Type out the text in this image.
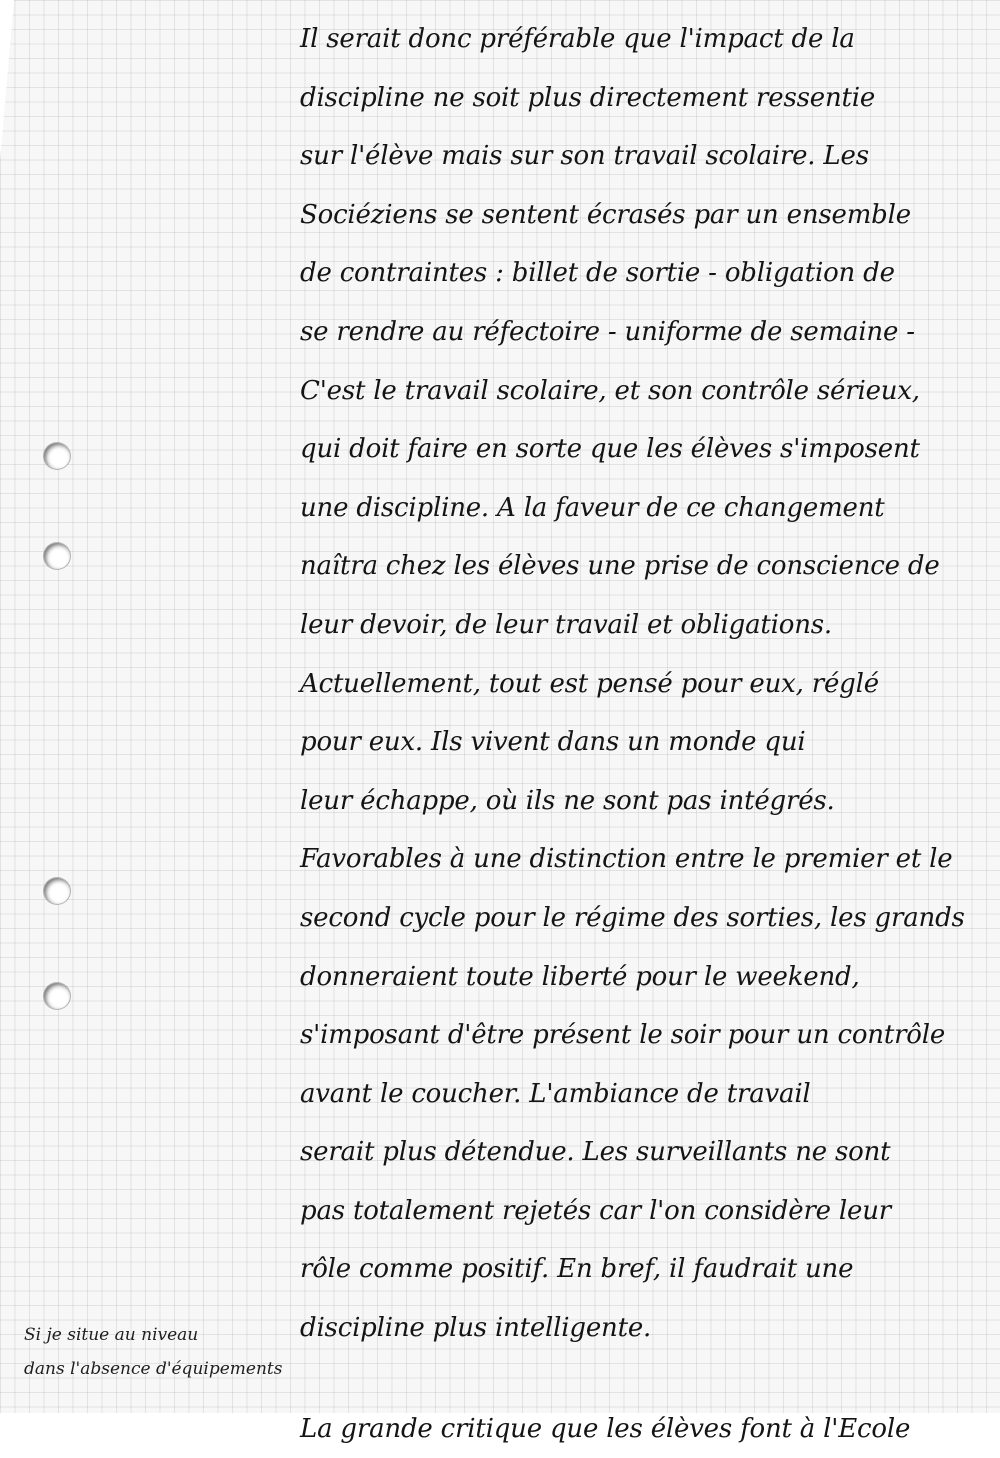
Il serait donc préférable que l'impact de la
discipline ne soit plus directement ressentie
sur l'élève mais sur son travail scolaire. Les
Sociéziens se sentent écrasés par un ensemble
de contraintes : billet de sortie - obligation de
se rendre au réfectoire - uniforme de semaine -
C'est le travail scolaire, et son contrôle sérieux,
qui doit faire en sorte que les élèves s'imposent
une discipline. A la faveur de ce changement
naîtra chez les élèves une prise de conscience de
leur devoir, de leur travail et obligations.
Actuellement, tout est pensé pour eux, réglé
pour eux. Ils vivent dans un monde qui
leur échappe, où ils ne sont pas intégrés.
Favorables à une distinction entre le premier et le
second cycle pour le régime des sorties, les grands
donneraient toute liberté pour le weekend,
s'imposant d'être présent le soir pour un contrôle
avant le coucher. L'ambiance de travail
serait plus détendue. Les surveillants ne sont
pas totalement rejetés car l'on considère leur
rôle comme positif. En bref, il faudrait une
discipline plus intelligente.
La grande critique que les élèves font à l'Ecole
Si je situe au niveau
dans l'absence d'équipements
